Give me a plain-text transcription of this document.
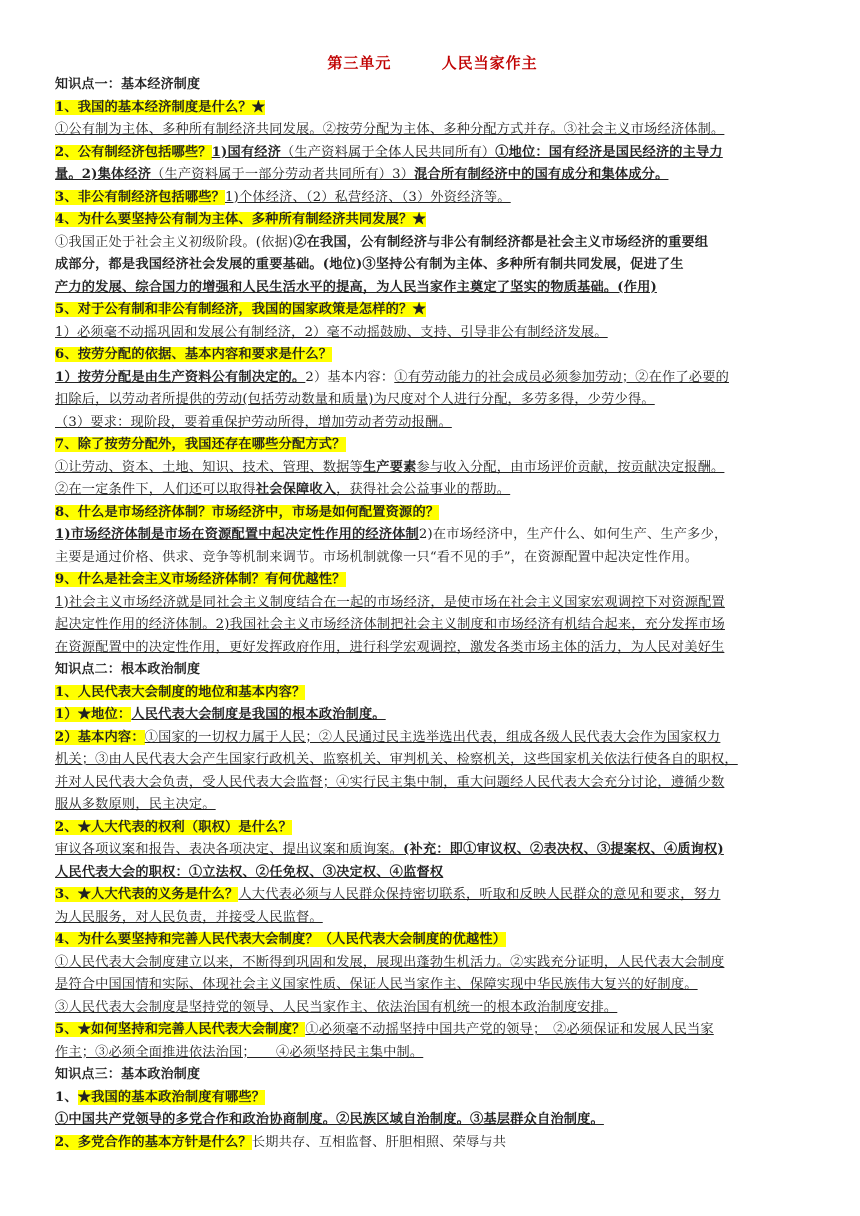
第三单元	人民当家作主
知识点一：基本经济制度
1、我国的基本经济制度是什么？★
①公有制为主体、多种所有制经济共同发展。②按劳分配为主体、多种分配方式并存。③社会主义市场经济体制。
2、公有制经济包括哪些？1)国有经济（生产资料属于全体人民共同所有）①地位：国有经济是国民经济的主导力
量。2)集体经济（生产资料属于一部分劳动者共同所有）3）混合所有制经济中的国有成分和集体成分。
3、非公有制经济包括哪些？1)个体经济、（2）私营经济、（3）外资经济等。
4、为什么要坚持公有制为主体、多种所有制经济共同发展？★
①我国正处于社会主义初级阶段。(依据)②在我国，公有制经济与非公有制经济都是社会主义市场经济的重要组
成部分，都是我国经济社会发展的重要基础。(地位)③坚持公有制为主体、多种所有制共同发展，促进了生
产力的发展、综合国力的增强和人民生活水平的提高，为人民当家作主奠定了坚实的物质基础。(作用)
5、对于公有制和非公有制经济，我国的国家政策是怎样的？★
1）必须毫不动摇巩固和发展公有制经济，2）毫不动摇鼓励、支持、引导非公有制经济发展。
6、按劳分配的依据、基本内容和要求是什么？
1）按劳分配是由生产资料公有制决定的。2）基本内容：①有劳动能力的社会成员必须参加劳动；②在作了必要的
扣除后，以劳动者所提供的劳动(包括劳动数量和质量)为尺度对个人进行分配，多劳多得，少劳少得。
（3）要求：现阶段，要着重保护劳动所得，增加劳动者劳动报酬。
7、除了按劳分配外，我国还存在哪些分配方式？
①让劳动、资本、土地、知识、技术、管理、数据等生产要素参与收入分配，由市场评价贡献，按贡献决定报酬。
②在一定条件下，人们还可以取得社会保障收入，获得社会公益事业的帮助。
8、什么是市场经济体制？市场经济中，市场是如何配置资源的？
1)市场经济体制是市场在资源配置中起决定性作用的经济体制2)在市场经济中，生产什么、如何生产、生产多少，
主要是通过价格、供求、竞争等机制来调节。市场机制就像一只“看不见的手”，在资源配置中起决定性作用。
9、什么是社会主义市场经济体制？有何优越性？
1)社会主义市场经济就是同社会主义制度结合在一起的市场经济，是使市场在社会主义国家宏观调控下对资源配置
起决定性作用的经济体制。2)我国社会主义市场经济体制把社会主义制度和市场经济有机结合起来，充分发挥市场
在资源配置中的决定性作用，更好发挥政府作用，进行科学宏观调控，激发各类市场主体的活力，为人民对美好生
知识点二：根本政治制度
1、人民代表大会制度的地位和基本内容？
1）★地位：人民代表大会制度是我国的根本政治制度。
2）基本内容：①国家的一切权力属于人民；②人民通过民主选举选出代表，组成各级人民代表大会作为国家权力
机关；③由人民代表大会产生国家行政机关、监察机关、审判机关、检察机关，这些国家机关依法行使各自的职权，
并对人民代表大会负责，受人民代表大会监督；④实行民主集中制，重大问题经人民代表大会充分讨论，遵循少数
服从多数原则，民主决定。
2、★人大代表的权利（职权）是什么？
审议各项议案和报告、表决各项决定、提出议案和质询案。(补充：即①审议权、②表决权、③提案权、④质询权)
人民代表大会的职权：①立法权、②任免权、③决定权、④监督权
3、★人大代表的义务是什么？人大代表必须与人民群众保持密切联系，听取和反映人民群众的意见和要求，努力
为人民服务，对人民负责，并接受人民监督。
4、为什么要坚持和完善人民代表大会制度？（人民代表大会制度的优越性）
①人民代表大会制度建立以来，不断得到巩固和发展，展现出蓬勃生机活力。②实践充分证明，人民代表大会制度
是符合中国国情和实际、体现社会主义国家性质、保证人民当家作主、保障实现中华民族伟大复兴的好制度。
③人民代表大会制度是坚持党的领导、人民当家作主、依法治国有机统一的根本政治制度安排。
5、★如何坚持和完善人民代表大会制度？①必须毫不动摇坚持中国共产党的领导；　②必须保证和发展人民当家
作主；③必须全面推进依法治国；　　④必须坚持民主集中制。
知识点三：基本政治制度
1、★我国的基本政治制度有哪些？
①中国共产党领导的多党合作和政治协商制度。②民族区域自治制度。③基层群众自治制度。
2、多党合作的基本方针是什么？长期共存、互相监督、肝胆相照、荣辱与共
